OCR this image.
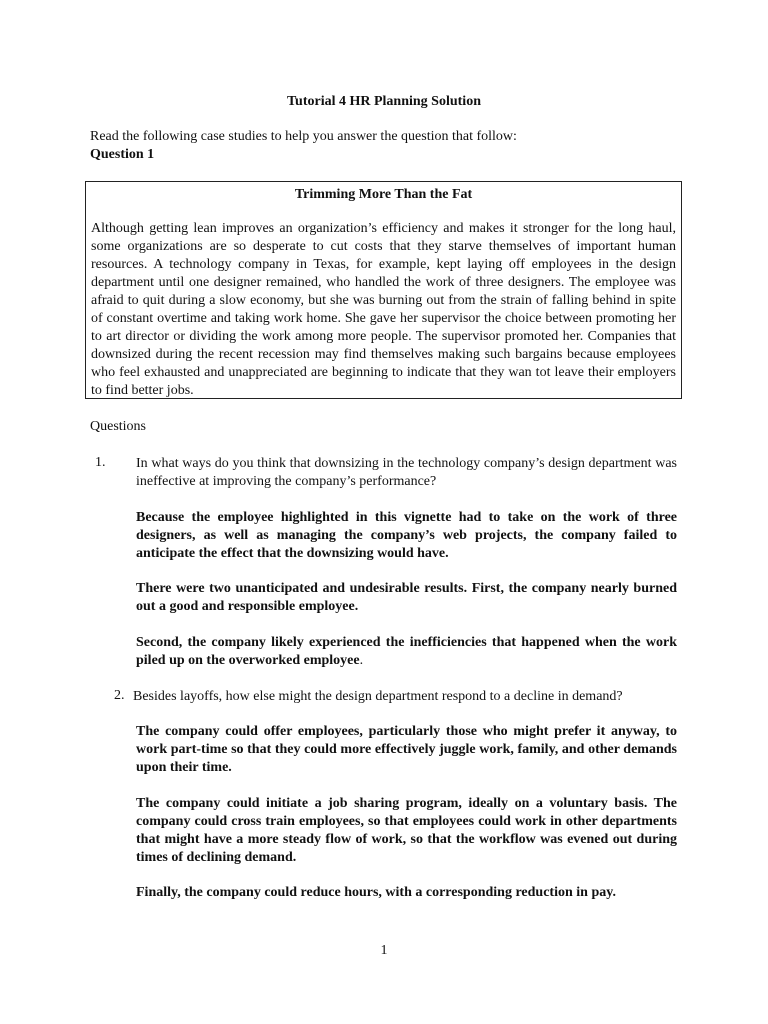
Tutorial 4 HR Planning Solution
Read the following case studies to help you answer the question that follow:
Question 1
Trimming More Than the Fat
Although getting lean improves an organization’s efficiency and makes it stronger for the long haul, some organizations are so desperate to cut costs that they starve themselves of important human resources. A technology company in Texas, for example, kept laying off employees in the design department until one designer remained, who handled the work of three designers. The employee was afraid to quit during a slow economy, but she was burning out from the strain of falling behind in spite of constant overtime and taking work home. She gave her supervisor the choice between promoting her to art director or dividing the work among more people. The supervisor promoted her. Companies that downsized during the recent recession may find themselves making such bargains because employees who feel exhausted and unappreciated are beginning to indicate that they wan tot leave their employers to find better jobs.
Questions
1. In what ways do you think that downsizing in the technology company’s design department was ineffective at improving the company’s performance?
Because the employee highlighted in this vignette had to take on the work of three designers, as well as managing the company’s web projects, the company failed to anticipate the effect that the downsizing would have.
There were two unanticipated and undesirable results. First, the company nearly burned out a good and responsible employee.
Second, the company likely experienced the inefficiencies that happened when the work piled up on the overworked employee.
2. Besides layoffs, how else might the design department respond to a decline in demand?
The company could offer employees, particularly those who might prefer it anyway, to work part-time so that they could more effectively juggle work, family, and other demands upon their time.
The company could initiate a job sharing program, ideally on a voluntary basis. The company could cross train employees, so that employees could work in other departments that might have a more steady flow of work, so that the workflow was evened out during times of declining demand.
Finally, the company could reduce hours, with a corresponding reduction in pay.
1
